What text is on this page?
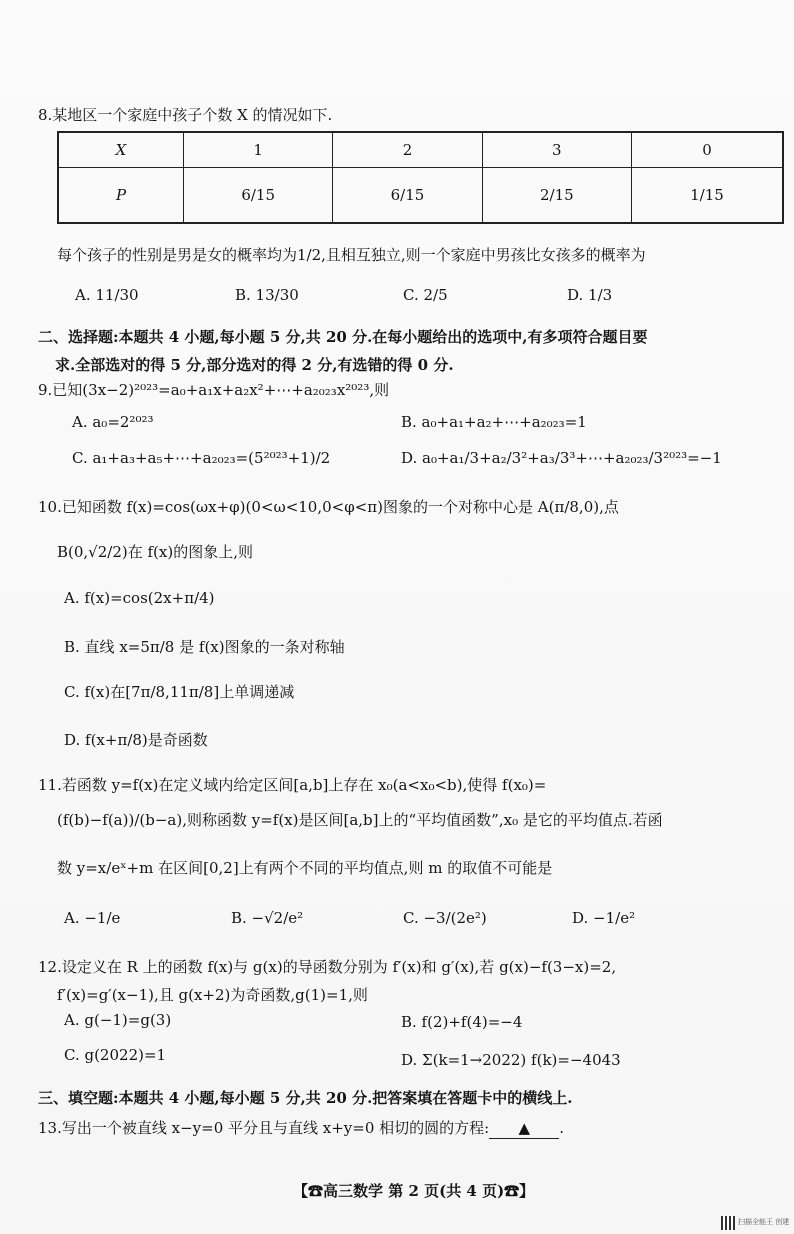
8.某地区一个家庭中孩子个数 X 的情况如下.
X	1	2	3	0
P	6/15	6/15	2/15	1/15
每个孩子的性别是男是女的概率均为1/2,且相互独立,则一个家庭中男孩比女孩多的概率为
A. 11/30	B. 13/30	C. 2/5	D. 1/3
二、选择题:本题共 4 小题,每小题 5 分,共 20 分.在每小题给出的选项中,有多项符合题目要
求.全部选对的得 5 分,部分选对的得 2 分,有选错的得 0 分.
9.已知(3x−2)²⁰²³=a₀+a₁x+a₂x²+⋯+a₂₀₂₃x²⁰²³,则
A. a₀=2²⁰²³	B. a₀+a₁+a₂+⋯+a₂₀₂₃=1
C. a₁+a₃+a₅+⋯+a₂₀₂₃=(5²⁰²³+1)/2	D. a₀+a₁/3+a₂/3²+a₃/3³+⋯+a₂₀₂₃/3²⁰²³=−1
10.已知函数 f(x)=cos(ωx+φ)(0<ω<10,0<φ<π)图象的一个对称中心是 A(π/8,0),点
B(0,√2/2)在 f(x)的图象上,则
A. f(x)=cos(2x+π/4)
B. 直线 x=5π/8 是 f(x)图象的一条对称轴
C. f(x)在[7π/8,11π/8]上单调递减
D. f(x+π/8)是奇函数
11.若函数 y=f(x)在定义域内给定区间[a,b]上存在 x₀(a<x₀<b),使得 f(x₀)=
(f(b)−f(a))/(b−a),则称函数 y=f(x)是区间[a,b]上的“平均值函数”,x₀ 是它的平均值点.若函
数 y=x/eˣ+m 在区间[0,2]上有两个不同的平均值点,则 m 的取值不可能是
A. −1/e	B. −√2/e²	C. −3/(2e²)	D. −1/e²
12.设定义在 R 上的函数 f(x)与 g(x)的导函数分别为 f′(x)和 g′(x),若 g(x)−f(3−x)=2,
f′(x)=g′(x−1),且 g(x+2)为奇函数,g(1)=1,则
A. g(−1)=g(3)	B. f(2)+f(4)=−4
C. g(2022)=1	D. Σ(k=1→2022) f(k)=−4043
三、填空题:本题共 4 小题,每小题 5 分,共 20 分.把答案填在答题卡中的横线上.
13.写出一个被直线 x−y=0 平分且与直线 x+y=0 相切的圆的方程: ▲ .
【☎高三数学 第 2 页(共 4 页)☎】
扫描全能王 创建
